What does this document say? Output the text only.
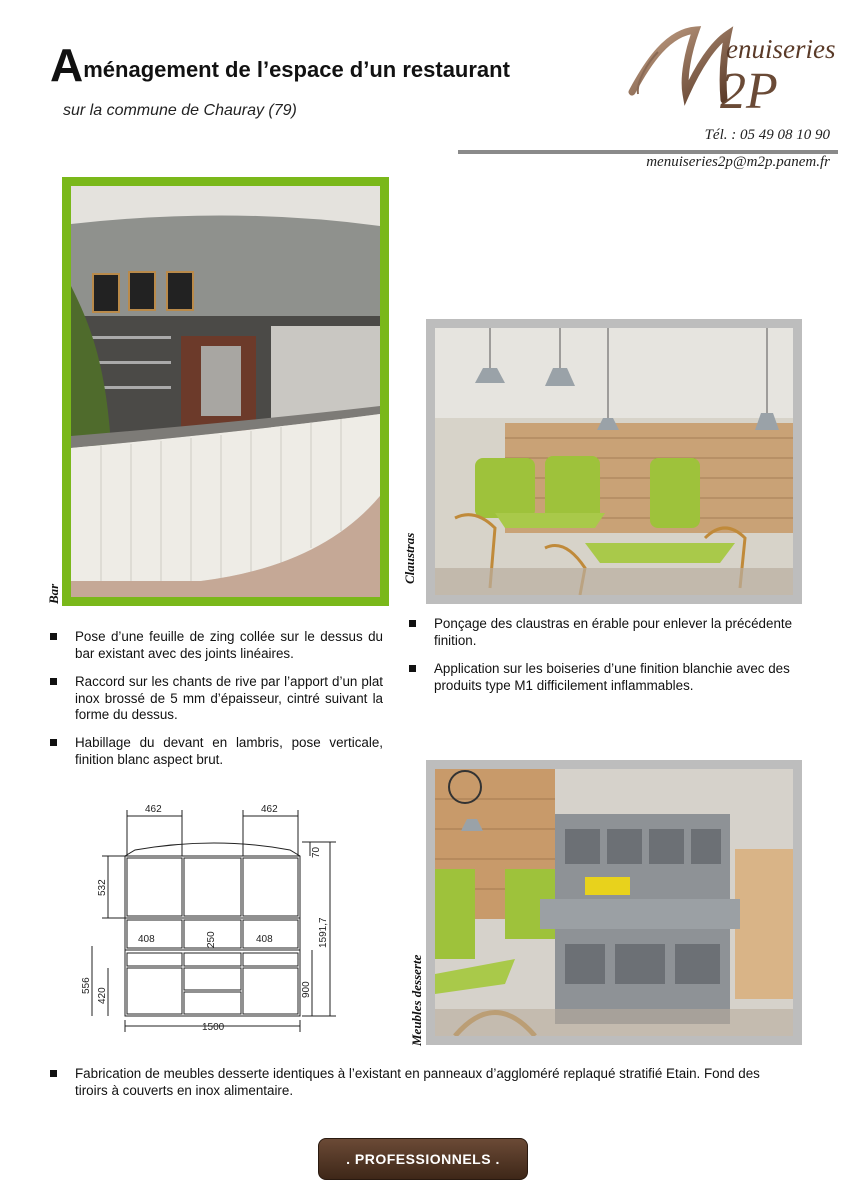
Aménagement de l’espace d’un restaurant
sur la commune de Chauray (79)
enuiseries
2P
Tél. : 05 49 08 10 90
menuiseries2p@m2p.panem.fr
Bar
Claustras
Pose d’une feuille de zing collée sur le dessus du bar existant avec des joints linéaires.
Raccord sur les chants de rive par l’apport d’un plat inox brossé de 5 mm d’épaisseur, cintré suivant la forme du dessus.
Habillage du devant en lambris, pose verticale, finition blanc aspect brut.
Ponçage des claustras en érable pour enlever la précédente finition.
Application sur les boiseries d’une finition blanchie avec des produits type M1 difficilement inflammables.
Fabrication de meubles desserte identiques à l’existant en panneaux d’aggloméré replaqué stratifié Etain. Fond des tiroirs à couverts en inox alimentaire.
462	462
408	408
1500
532
250
70
1591,7
900
556
420	Meubles desserte
. PROFESSIONNELS .
